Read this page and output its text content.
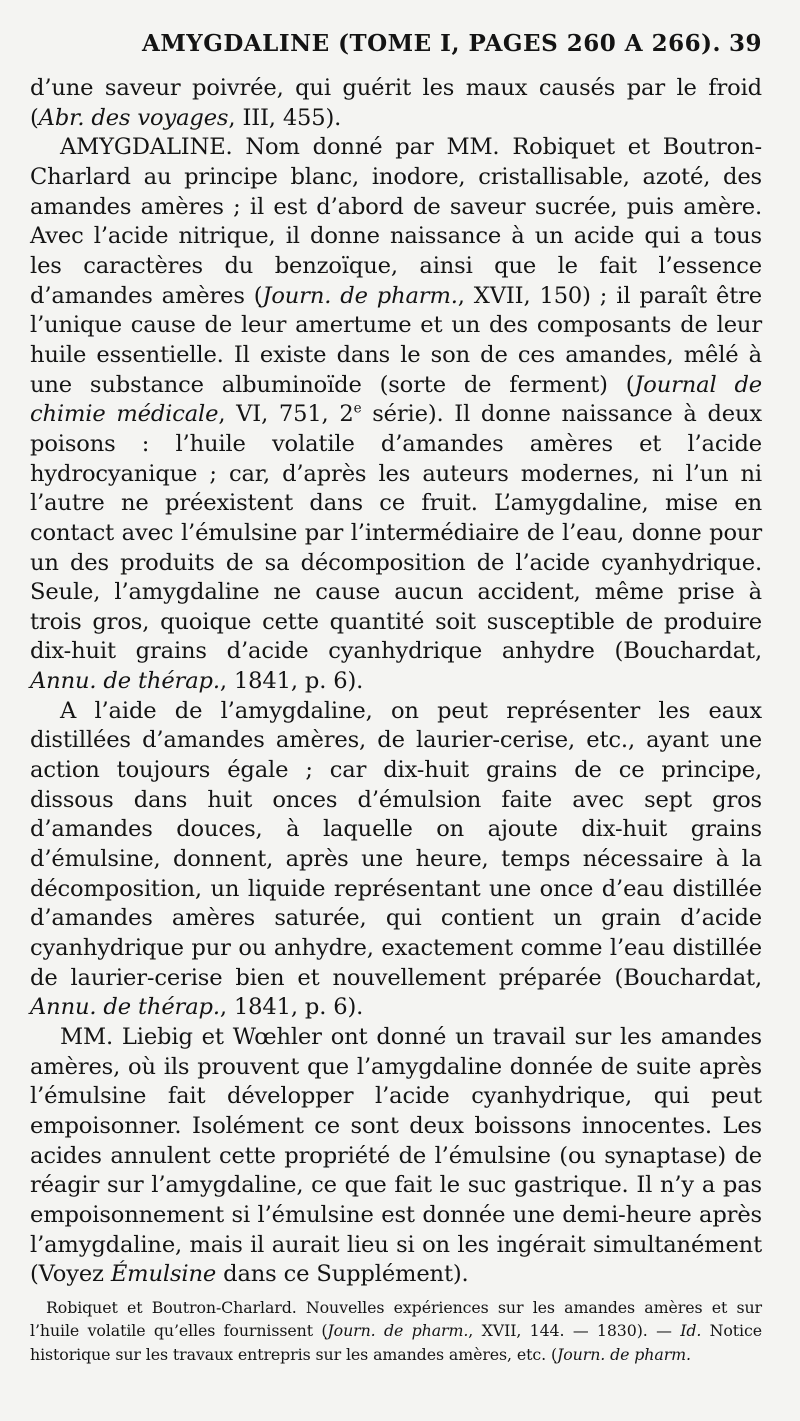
AMYGDALINE (TOME I, PAGES 260 A 266). 39

d’une saveur poivrée, qui guérit les maux causés par le froid (Abr. des voyages, III, 455).

AMYGDALINE. Nom donné par MM. Robiquet et Boutron-Charlard au principe blanc, inodore, cristallisable, azoté, des amandes amères ; il est d’abord de saveur sucrée, puis amère. Avec l’acide nitrique, il donne naissance à un acide qui a tous les caractères du benzoïque, ainsi que le fait l’essence d’amandes amères (Journ. de pharm., XVII, 150) ; il paraît être l’unique cause de leur amertume et un des composants de leur huile essentielle. Il existe dans le son de ces amandes, mêlé à une substance albuminoïde (sorte de ferment) (Journal de chimie médicale, VI, 751, 2e série). Il donne naissance à deux poisons : l’huile volatile d’amandes amères et l’acide hydrocyanique ; car, d’après les auteurs modernes, ni l’un ni l’autre ne préexistent dans ce fruit. L’amygdaline, mise en contact avec l’émulsine par l’intermédiaire de l’eau, donne pour un des produits de sa décomposition de l’acide cyanhydrique. Seule, l’amygdaline ne cause aucun accident, même prise à trois gros, quoique cette quantité soit susceptible de produire dix-huit grains d’acide cyanhydrique anhydre (Bouchardat, Annu. de thérap., 1841, p. 6).

A l’aide de l’amygdaline, on peut représenter les eaux distillées d’amandes amères, de laurier-cerise, etc., ayant une action toujours égale ; car dix-huit grains de ce principe, dissous dans huit onces d’émulsion faite avec sept gros d’amandes douces, à laquelle on ajoute dix-huit grains d’émulsine, donnent, après une heure, temps nécessaire à la décomposition, un liquide représentant une once d’eau distillée d’amandes amères saturée, qui contient un grain d’acide cyanhydrique pur ou anhydre, exactement comme l’eau distillée de laurier-cerise bien et nouvellement préparée (Bouchardat, Annu. de thérap., 1841, p. 6).

MM. Liebig et Wœhler ont donné un travail sur les amandes amères, où ils prouvent que l’amygdaline donnée de suite après l’émulsine fait développer l’acide cyanhydrique, qui peut empoisonner. Isolément ce sont deux boissons innocentes. Les acides annulent cette propriété de l’émulsine (ou synaptase) de réagir sur l’amygdaline, ce que fait le suc gastrique. Il n’y a pas empoisonnement si l’émulsine est donnée une demi-heure après l’amygdaline, mais il aurait lieu si on les ingérait simultanément (Voyez Émulsine dans ce Supplément).

Robiquet et Boutron-Charlard. Nouvelles expériences sur les amandes amères et sur l’huile volatile qu’elles fournissent (Journ. de pharm., XVII, 144. — 1830). — Id. Notice historique sur les travaux entrepris sur les amandes amères, etc. (Journ. de pharm.
